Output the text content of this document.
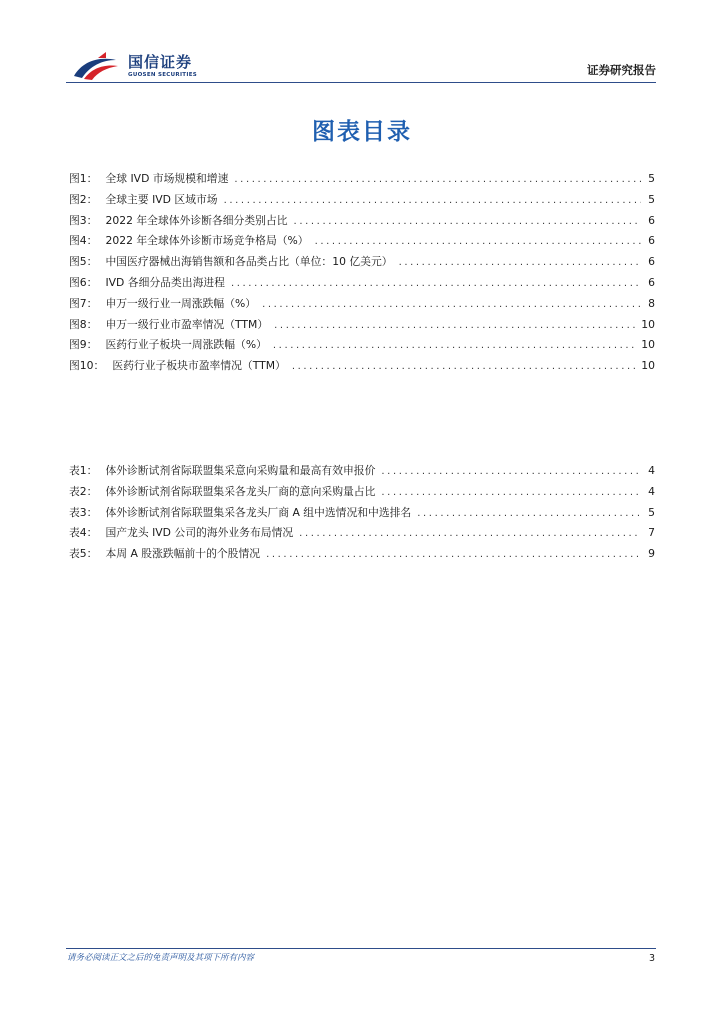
国信证券
GUOSEN SECURITIES	证券研究报告
图表目录
图1： 全球 IVD 市场规模和增速 .....	5
图2： 全球主要 IVD 区域市场 .....	5
图3： 2022 年全球体外诊断各细分类别占比 .....	6
图4： 2022 年全球体外诊断市场竞争格局（%） .....	6
图5： 中国医疗器械出海销售额和各品类占比（单位：10 亿美元） .....	6
图6： IVD 各细分品类出海进程 .....	6
图7： 申万一级行业一周涨跌幅（%） .....	8
图8： 申万一级行业市盈率情况（TTM） .....	10
图9： 医药行业子板块一周涨跌幅（%） .....	10
图10： 医药行业子板块市盈率情况（TTM） .....	10
表1： 体外诊断试剂省际联盟集采意向采购量和最高有效申报价 .....	4
表2： 体外诊断试剂省际联盟集采各龙头厂商的意向采购量占比 .....	4
表3： 体外诊断试剂省际联盟集采各龙头厂商 A 组中选情况和中选排名 .....	5
表4： 国产龙头 IVD 公司的海外业务布局情况 .....	7
表5： 本周 A 股涨跌幅前十的个股情况 .....	9
请务必阅读正文之后的免责声明及其项下所有内容	3
